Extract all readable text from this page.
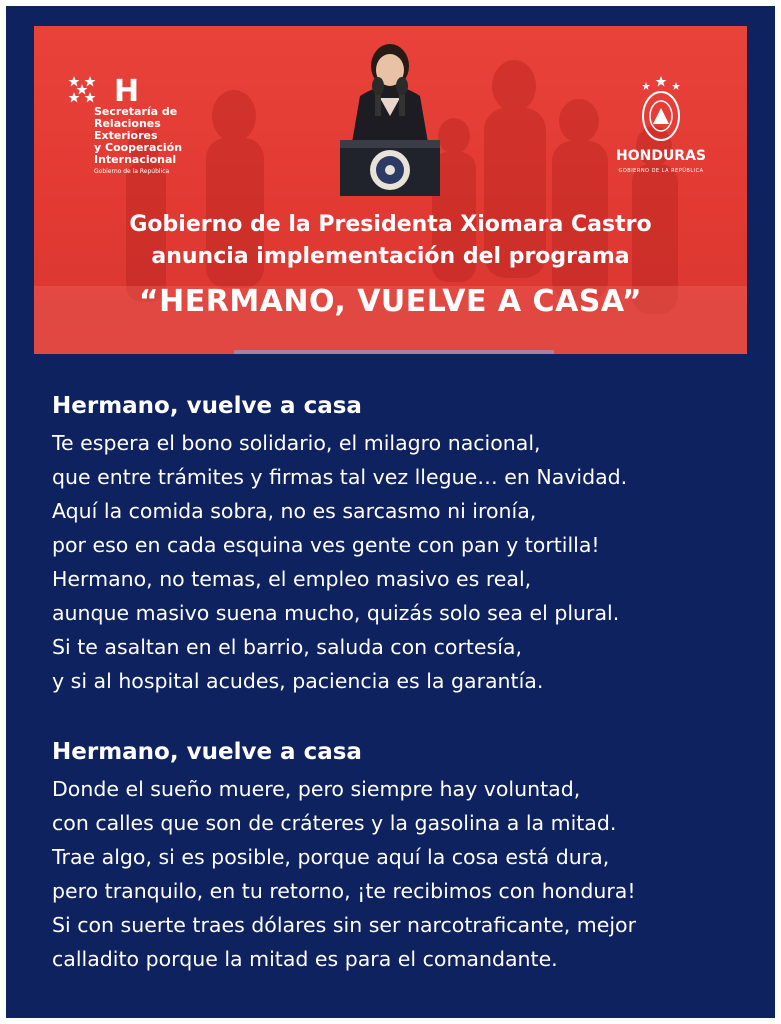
H
Secretaría de
Relaciones
Exteriores
y Cooperación
Internacional
Gobierno de la República
HONDURAS
GOBIERNO DE LA REPÚBLICA
Gobierno de la Presidenta Xiomara Castro
anuncia implementación del programa
“HERMANO, VUELVE A CASA”
Hermano, vuelve a casa
Te espera el bono solidario, el milagro nacional,
que entre trámites y firmas tal vez llegue… en Navidad.
Aquí la comida sobra, no es sarcasmo ni ironía,
por eso en cada esquina ves gente con pan y tortilla!
Hermano, no temas, el empleo masivo es real,
aunque masivo suena mucho, quizás solo sea el plural.
Si te asaltan en el barrio, saluda con cortesía,
y si al hospital acudes, paciencia es la garantía.
Hermano, vuelve a casa
Donde el sueño muere, pero siempre hay voluntad,
con calles que son de cráteres y la gasolina a la mitad.
Trae algo, si es posible, porque aquí la cosa está dura,
pero tranquilo, en tu retorno, ¡te recibimos con hondura!
Si con suerte traes dólares sin ser narcotraficante, mejor
calladito porque la mitad es para el comandante.
